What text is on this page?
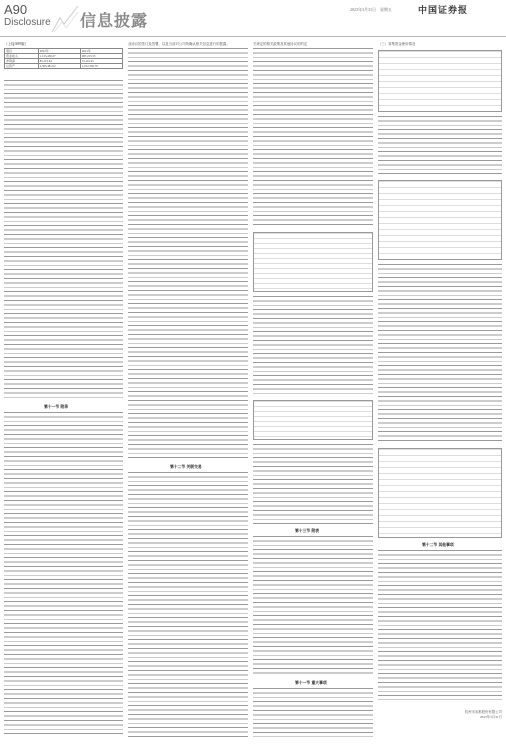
A90
Disclosure 信息披露
2023年3月31日 星期五	中国证券报
（上接A89版）
项目	2022年	2021年
营业收入	1,125,436.27	987,215.53
净利润	85,213.64	72,110.45
总资产	2,365,481.02	2,102,336.78
第十一节 附录
业协议的签订及签署，以及当前对公司所确认相关信息进行的披露。
第十二节 关联交易
关规定的相关政策及其他协议的约定
第十三节 附表
第十一节 重大事项
（三）募集资金使用情况
第十二节 其他事项
杭州市宋都股份有限公司
2023年3月31日
